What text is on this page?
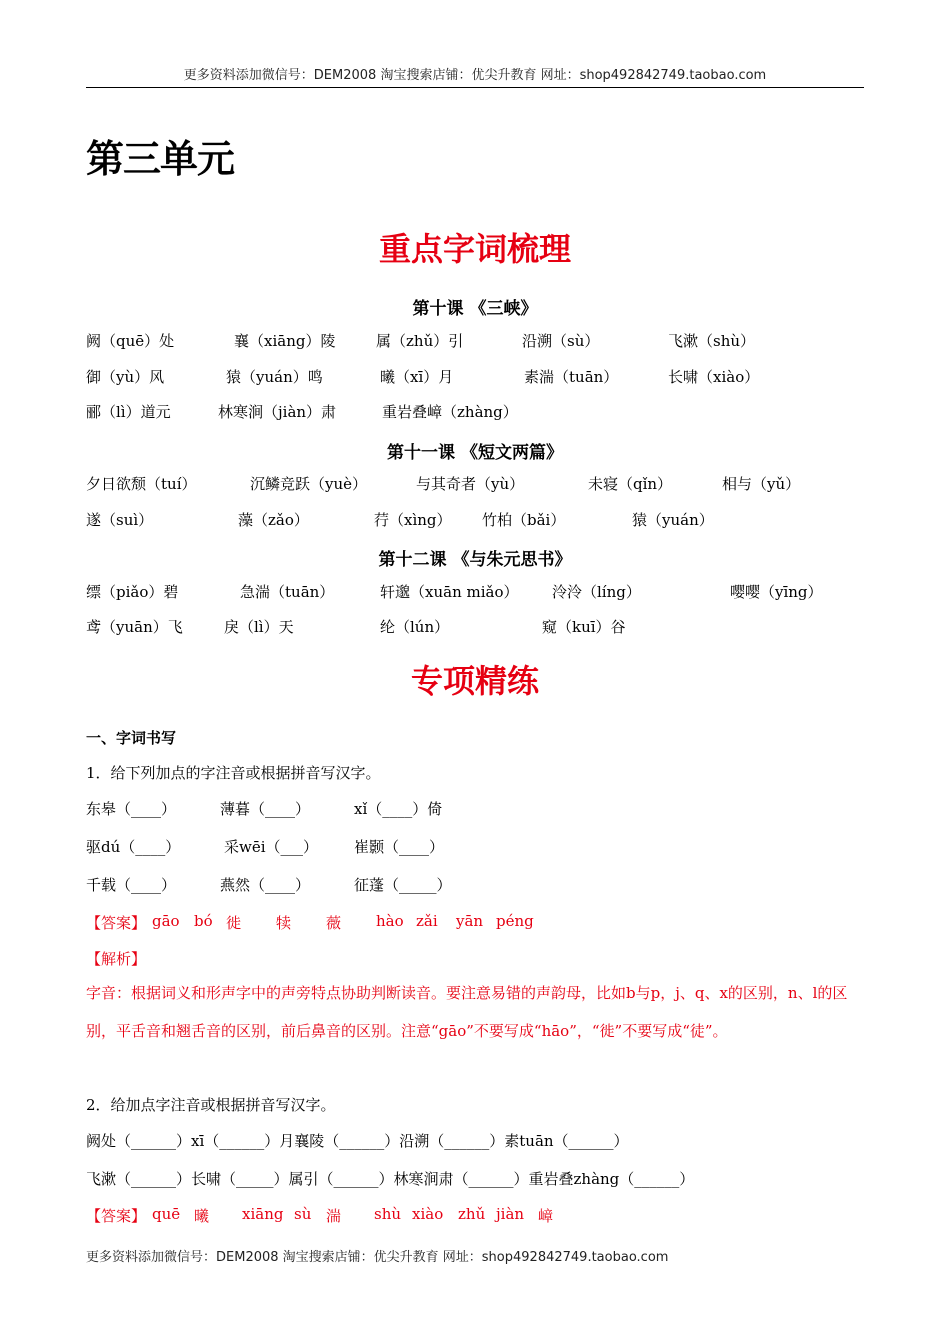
更多资料添加微信号：DEM2008 淘宝搜索店铺：优尖升教育 网址：shop492842749.taobao.com
第三单元
重点字词梳理
第十课 《三峡》
阙（quē）处	襄（xiāng）陵	属（zhǔ）引	沿溯（sù）	飞漱（shù）
御（yù）风	猿（yuán）鸣	曦（xī）月	素湍（tuān）	长啸（xiào）
郦（lì）道元	林寒涧（jiàn）肃	重岩叠嶂（zhàng）
第十一课 《短文两篇》
夕日欲颓（tuí）	沉鳞竞跃（yuè）	与其奇者（yù）	未寝（qǐn）	相与（yǔ）
遂（suì）	藻（zǎo）	荇（xìng） 竹柏（bǎi）	猿（yuán）
第十二课 《与朱元思书》
缥（piǎo）碧	急湍（tuān）	轩邈（xuān miǎo） 泠泠（líng）	嘤嘤（yīng）
鸢（yuān）飞	戾（lì）天	纶（lún）	窥（kuī）谷
专项精练
一、字词书写
1．给下列加点的字注音或根据拼音写汉字。
东皋（____）	薄暮（____）	xǐ（____）倚
驱dú（____）	采wēi（___） 崔颢（____）
千载（____）	燕然（____）	征蓬（_____）
【答案】 gāo bó 徙 犊 薇 hào zǎi yān péng
【解析】
字音：根据词义和形声字中的声旁特点协助判断读音。要注意易错的声韵母，比如b与p，j、q、x的区别，n、l的区别，平舌音和翘舌音的区别，前后鼻音的区别。注意“gāo”不要写成“hāo”，“徙”不要写成“徒”。
2．给加点字注音或根据拼音写汉字。
阙处（______）xī（______）月襄陵（______）沿溯（______）素tuān（______）
飞漱（______）长啸（_____）属引（______）林寒涧肃（______）重岩叠zhàng（______）
【答案】 quē 曦 xiāng sù 湍 shù xiào zhǔ jiàn 嶂
更多资料添加微信号：DEM2008 淘宝搜索店铺：优尖升教育 网址：shop492842749.taobao.com
